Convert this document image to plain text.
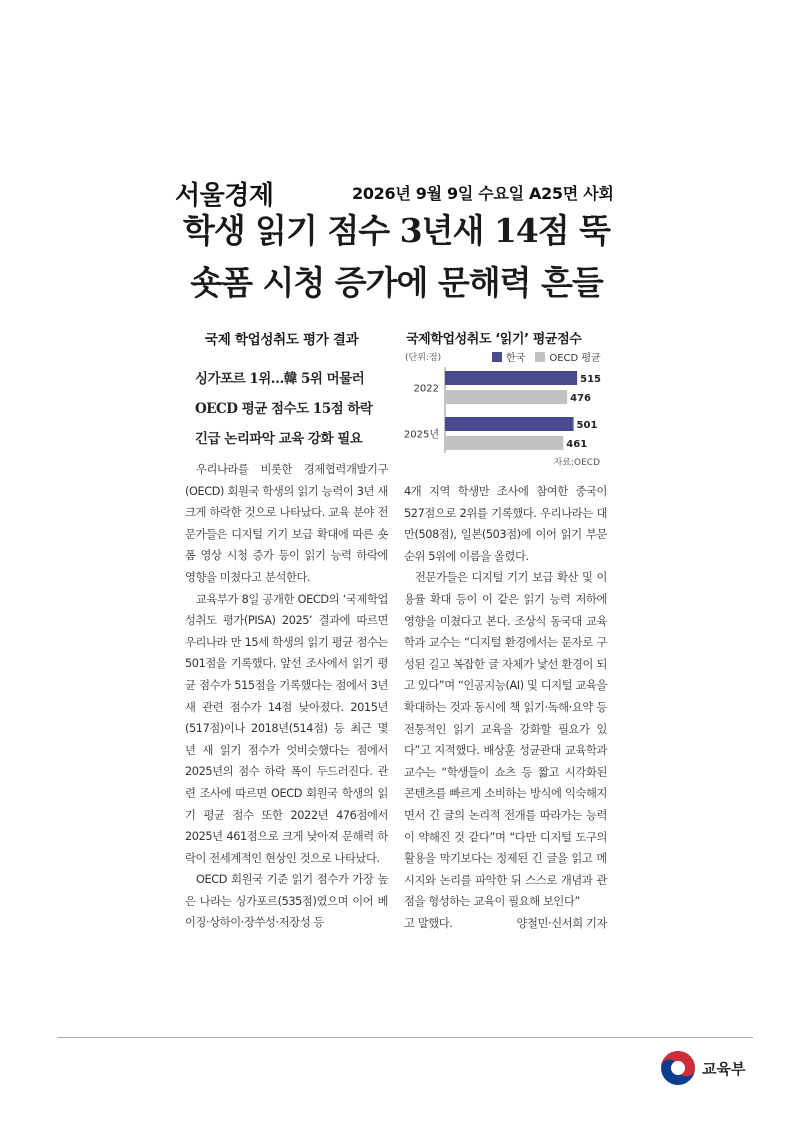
서울경제	2026년 9월 9일 수요일 A25면 사회
학생 읽기 점수 3년새 14점 뚝
숏폼 시청 증가에 문해력 흔들
국제 학업성취도 평가 결과
싱가포르 1위…韓 5위 머물러
OECD 평균 점수도 15점 하락
긴급 논리파악 교육 강화 필요
국제학업성취도 ‘읽기’ 평균점수
(단위:점)	한국 OECD 평균
2022
515
476
2025년
501
461
자료:OECD

우리나라를 비롯한 경제협력개발기구(OECD) 회원국 학생의 읽기 능력이 3년 새 크게 하락한 것으로 나타났다. 교육 분야 전문가들은 디지털 기기 보급 확대에 따른 숏폼 영상 시청 증가 등이 읽기 능력 하락에 영향을 미쳤다고 분석한다.

교육부가 8일 공개한 OECD의 ‘국제학업성취도 평가(PISA) 2025’ 결과에 따르면 우리나라 만 15세 학생의 읽기 평균 점수는 501점을 기록했다. 앞선 조사에서 읽기 평균 점수가 515점을 기록했다는 점에서 3년 새 관련 점수가 14점 낮아졌다. 2015년(517점)이나 2018년(514점) 등 최근 몇 년 새 읽기 점수가 엇비슷했다는 점에서 2025년의 점수 하락 폭이 두드러진다. 관련 조사에 따르면 OECD 회원국 학생의 읽기 평균 점수 또한 2022년 476점에서 2025년 461점으로 크게 낮아져 문해력 하락이 전세계적인 현상인 것으로 나타났다.

OECD 회원국 기준 읽기 점수가 가장 높은 나라는 싱가포르(535점)였으며 이어 베이징·상하이·장쑤성·저장성 등

4개 지역 학생만 조사에 참여한 중국이 527점으로 2위를 기록했다. 우리나라는 대만(508점), 일본(503점)에 이어 읽기 부문 순위 5위에 이름을 올렸다.

전문가들은 디지털 기기 보급 확산 및 이용률 확대 등이 이 같은 읽기 능력 저하에 영향을 미쳤다고 본다. 조상식 동국대 교육학과 교수는 “디지털 환경에서는 문자로 구성된 길고 복잡한 글 자체가 낯선 환경이 되고 있다”며 “인공지능(AI) 및 디지털 교육을 확대하는 것과 동시에 책 읽기·독해·요약 등 전통적인 읽기 교육을 강화할 필요가 있다”고 지적했다. 배상훈 성균관대 교육학과 교수는 “학생들이 쇼츠 등 짧고 시각화된 콘텐츠를 빠르게 소비하는 방식에 익숙해지면서 긴 글의 논리적 전개를 따라가는 능력이 약해진 것 같다”며 “다만 디지털 도구의 활용을 막기보다는 정제된 긴 글을 읽고 메시지와 논리를 파악한 뒤 스스로 개념과 관점을 형성하는 교육이 필요해 보인다”

고 말했다.	양철민·신서희 기자

교육부
